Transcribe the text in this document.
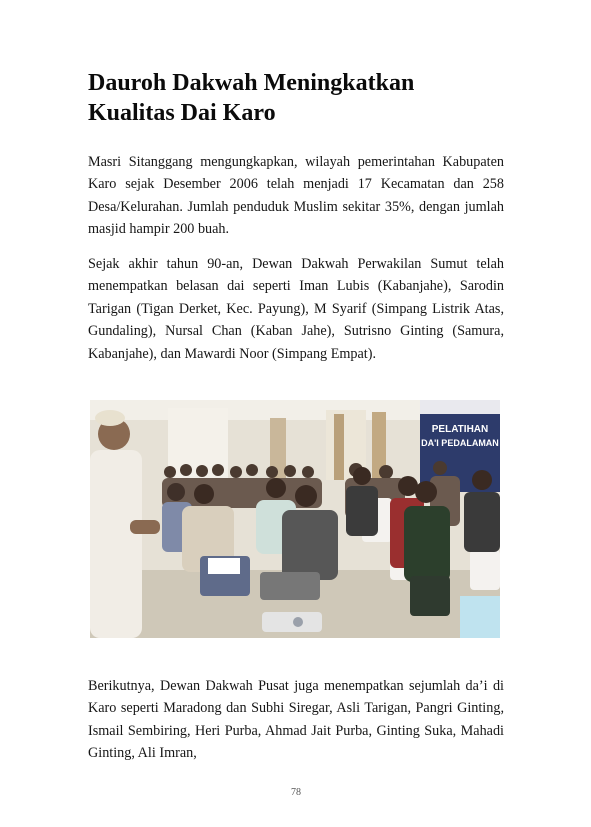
Dauroh Dakwah Meningkatkan
Kualitas Dai Karo

Masri Sitanggang mengungkapkan, wilayah pemerintahan Kabupaten Karo sejak Desember 2006 telah menjadi 17 Kecamatan dan 258 Desa/Kelurahan. Jumlah penduduk Muslim sekitar 35%, dengan jumlah masjid hampir 200 buah.

Sejak akhir tahun 90-an, Dewan Dakwah Perwakilan Sumut telah menempatkan belasan dai seperti Iman Lubis (Kabanjahe), Sarodin Tarigan (Tigan Derket, Kec. Payung), M Syarif (Simpang Listrik Atas, Gundaling), Nursal Chan (Kaban Jahe), Sutrisno Ginting (Samura, Kabanjahe), dan Mawardi Noor (Simpang Empat).

PELATIHAN
DA'I PEDALAMAN

Berikutnya, Dewan Dakwah Pusat juga menempatkan sejumlah da’i di Karo seperti Maradong dan Subhi Siregar, Asli Tarigan, Pangri Ginting, Ismail Sembiring, Heri Purba, Ahmad Jait Purba, Ginting Suka, Mahadi Ginting, Ali Imran,

78
